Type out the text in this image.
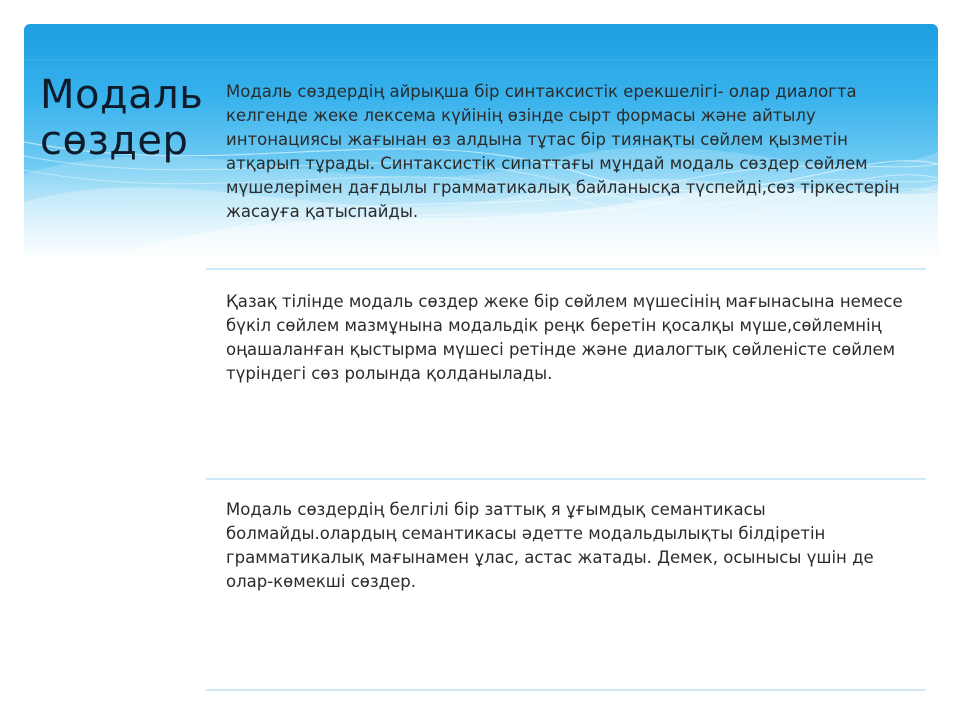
Модаль сөздер

Модаль сөздердің айрықша бір синтаксистік ерекшелігі- олар диалогта келгенде жеке лексема күйінің өзінде сырт формасы және айтылу интонациясы жағынан өз алдына тұтас бір тиянақты сөйлем қызметін атқарып тұрады. Синтаксистік сипаттағы мұндай модаль сөздер сөйлем мүшелерімен дағдылы грамматикалық байланысқа түспейді,сөз тіркестерін жасауға қатыспайды.

Қазақ тілінде модаль сөздер жеке бір сөйлем мүшесінің мағынасына немесе бүкіл сөйлем мазмұнына модальдік реңк беретін қосалқы мүше,сөйлемнің оңашаланған қыстырма мүшесі ретінде және диалогтық сөйленісте сөйлем түріндегі сөз ролында қолданылады.

Модаль сөздердің белгілі бір заттық я ұғымдық семантикасы болмайды.олардың семантикасы әдетте модальдылықты білдіретін грамматикалық мағынамен ұлас, астас жатады. Демек, осынысы үшін де олар-көмекші сөздер.
